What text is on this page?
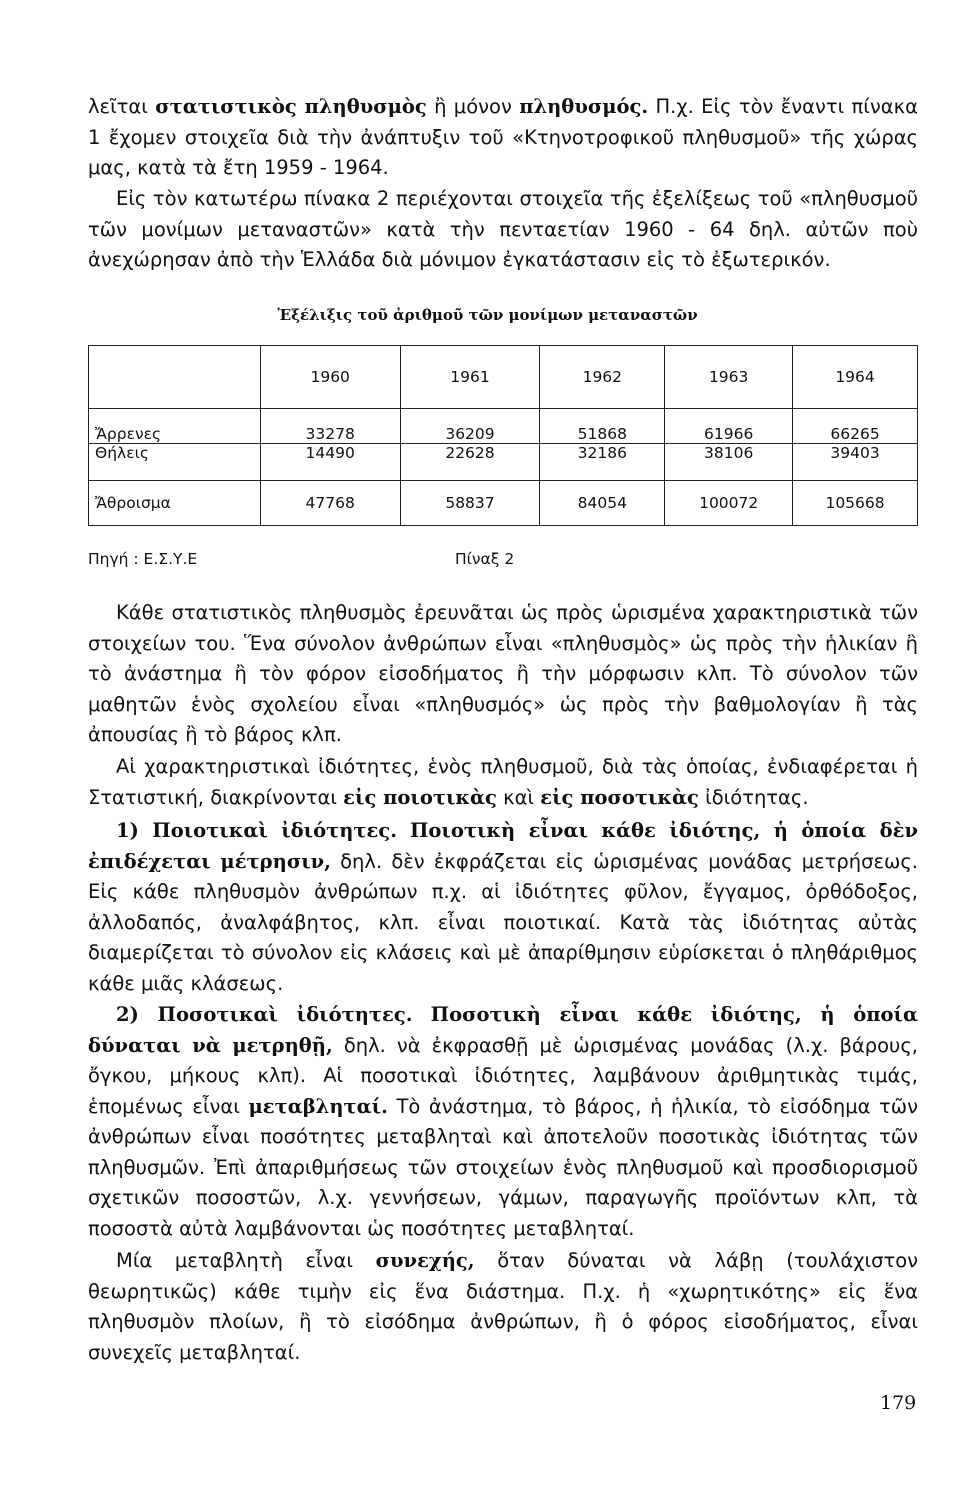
λεῖται στατιστικὸς πληθυσμὸς ἢ μόνον πληθυσμός. Π.χ. Εἰς τὸν ἔναντι πίνακα 1 ἔχομεν στοιχεῖα διὰ τὴν ἀνάπτυξιν τοῦ «Κτηνοτροφικοῦ πληθυσμοῦ» τῆς χώρας μας, κατὰ τὰ ἔτη 1959 - 1964.

Εἰς τὸν κατωτέρω πίνακα 2 περιέχονται στοιχεῖα τῆς ἐξελίξεως τοῦ «πληθυσμοῦ τῶν μονίμων μεταναστῶν» κατὰ τὴν πενταετίαν 1960 - 64 δηλ. αὐτῶν ποὺ ἀνεχώρησαν ἀπὸ τὴν Ἑλλάδα διὰ μόνιμον ἐγκατάστασιν εἰς τὸ ἐξωτερικόν.

Ἐξέλιξις τοῦ ἀριθμοῦ τῶν μονίμων μεταναστῶν
	1960	1961	1962	1963	1964
Ἄρρενες	33278	36209	51868	61966	66265
Θήλεις	14490	22628	32186	38106	39403
Ἄθροισμα	47768	58837	84054	100072	105668
Πηγή : Ε.Σ.Υ.Ε	Πίναξ 2

Κάθε στατιστικὸς πληθυσμὸς ἐρευνᾶται ὡς πρὸς ὡρισμένα χαρακτηριστικὰ τῶν στοιχείων του. Ἕνα σύνολον ἀνθρώπων εἶναι «πληθυσμὸς» ὡς πρὸς τὴν ἡλικίαν ἢ τὸ ἀνάστημα ἢ τὸν φόρον εἰσοδήματος ἢ τὴν μόρφωσιν κλπ. Τὸ σύνολον τῶν μαθητῶν ἑνὸς σχολείου εἶναι «πληθυσμός» ὡς πρὸς τὴν βαθμολογίαν ἢ τὰς ἀπουσίας ἢ τὸ βάρος κλπ.

Αἱ χαρακτηριστικαὶ ἰδιότητες, ἑνὸς πληθυσμοῦ, διὰ τὰς ὁποίας, ἐνδιαφέρεται ἡ Στατιστική, διακρίνονται εἰς ποιοτικὰς καὶ εἰς ποσοτικὰς ἰδιότητας.

1) Ποιοτικαὶ ἰδιότητες. Ποιοτικὴ εἶναι κάθε ἰδιότης, ἡ ὁποία δὲν ἐπιδέχεται μέτρησιν, δηλ. δὲν ἐκφράζεται εἰς ὡρισμένας μονάδας μετρήσεως. Εἰς κάθε πληθυσμὸν ἀνθρώπων π.χ. αἱ ἰδιότητες φῦλον, ἔγγαμος, ὀρθόδοξος, ἀλλοδαπός, ἀναλφάβητος, κλπ. εἶναι ποιοτικαί. Κατὰ τὰς ἰδιότητας αὐτὰς διαμερίζεται τὸ σύνολον εἰς κλάσεις καὶ μὲ ἀπαρίθμησιν εὑρίσκεται ὁ πληθάριθμος κάθε μιᾶς κλάσεως.

2) Ποσοτικαὶ ἰδιότητες. Ποσοτικὴ εἶναι κάθε ἰδιότης, ἡ ὁποία δύναται νὰ μετρηθῇ, δηλ. νὰ ἐκφρασθῇ μὲ ὡρισμένας μονάδας (λ.χ. βάρους, ὄγκου, μήκους κλπ). Αἱ ποσοτικαὶ ἰδιότητες, λαμβάνουν ἀριθμητικὰς τιμάς, ἑπομένως εἶναι μεταβληταί. Τὸ ἀνάστημα, τὸ βάρος, ἡ ἡλικία, τὸ εἰσόδημα τῶν ἀνθρώπων εἶναι ποσότητες μεταβληταὶ καὶ ἀποτελοῦν ποσοτικὰς ἰδιότητας τῶν πληθυσμῶν. Ἐπὶ ἀπαριθμήσεως τῶν στοιχείων ἑνὸς πληθυσμοῦ καὶ προσδιορισμοῦ σχετικῶν ποσοστῶν, λ.χ. γεννήσεων, γάμων, παραγωγῆς προϊόντων κλπ, τὰ ποσοστὰ αὐτὰ λαμβάνονται ὡς ποσότητες μεταβληταί.

Μία μεταβλητὴ εἶναι συνεχής, ὅταν δύναται νὰ λάβῃ (τουλάχιστον θεωρητικῶς) κάθε τιμὴν εἰς ἕνα διάστημα. Π.χ. ἡ «χωρητικότης» εἰς ἕνα πληθυσμὸν πλοίων, ἢ τὸ εἰσόδημα ἀνθρώπων, ἢ ὁ φόρος εἰσοδήματος, εἶναι συνεχεῖς μεταβληταί.

179
